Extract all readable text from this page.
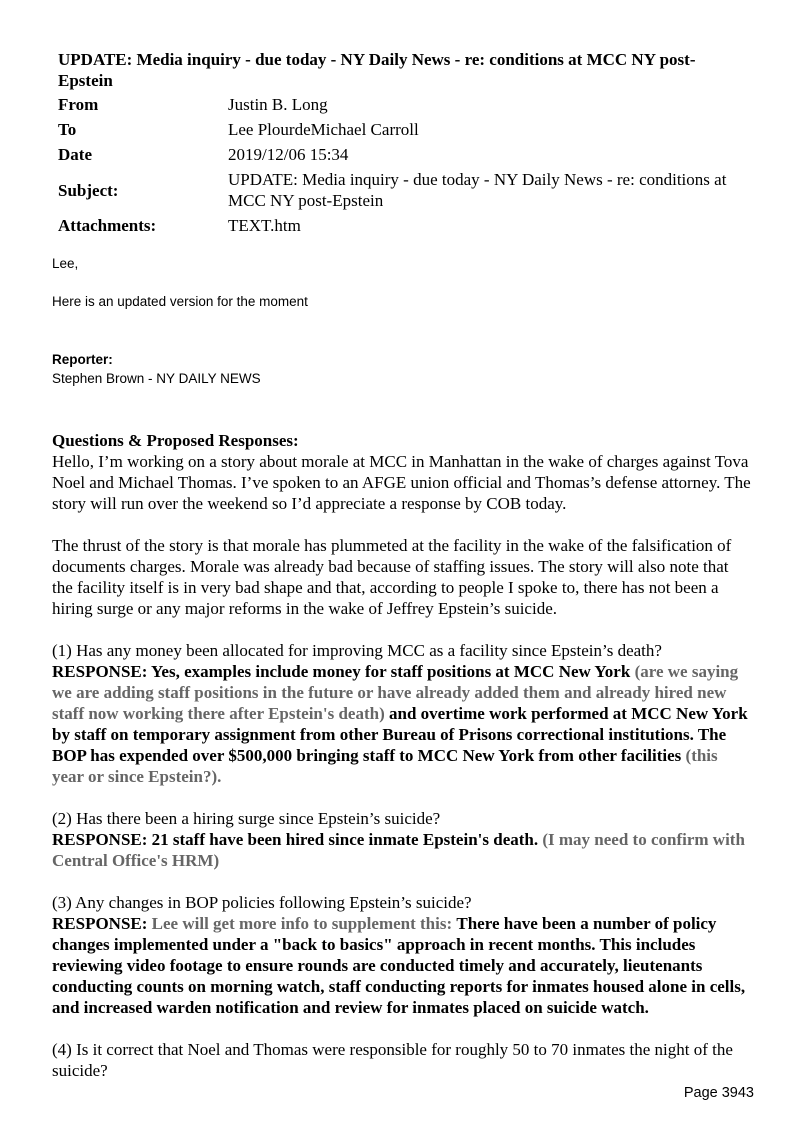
UPDATE: Media inquiry - due today - NY Daily News - re: conditions at MCC NY post-Epstein
From	Justin B. Long
To	Lee PlourdeMichael Carroll
Date	2019/12/06 15:34
Subject:	UPDATE: Media inquiry - due today - NY Daily News - re: conditions at MCC NY post-Epstein
Attachments:	TEXT.htm
Lee,
Here is an updated version for the moment
Reporter:
Stephen Brown - NY DAILY NEWS

Questions & Proposed Responses:

Hello, I’m working on a story about morale at MCC in Manhattan in the wake of charges against Tova Noel and Michael Thomas. I’ve spoken to an AFGE union official and Thomas’s defense attorney. The story will run over the weekend so I’d appreciate a response by COB today.

The thrust of the story is that morale has plummeted at the facility in the wake of the falsification of documents charges. Morale was already bad because of staffing issues. The story will also note that the facility itself is in very bad shape and that, according to people I spoke to, there has not been a hiring surge or any major reforms in the wake of Jeffrey Epstein’s suicide.

(1) Has any money been allocated for improving MCC as a facility since Epstein’s death?

RESPONSE: Yes, examples include money for staff positions at MCC New York (are we saying we are adding staff positions in the future or have already added them and already hired new staff now working there after Epstein's death) and overtime work performed at MCC New York by staff on temporary assignment from other Bureau of Prisons correctional institutions. The BOP has expended over $500,000 bringing staff to MCC New York from other facilities (this year or since Epstein?).

(2) Has there been a hiring surge since Epstein’s suicide?

RESPONSE: 21 staff have been hired since inmate Epstein's death. (I may need to confirm with Central Office's HRM)

(3) Any changes in BOP policies following Epstein’s suicide?

RESPONSE: Lee will get more info to supplement this: There have been a number of policy changes implemented under a "back to basics" approach in recent months. This includes reviewing video footage to ensure rounds are conducted timely and accurately, lieutenants conducting counts on morning watch, staff conducting reports for inmates housed alone in cells, and increased warden notification and review for inmates placed on suicide watch.

(4) Is it correct that Noel and Thomas were responsible for roughly 50 to 70 inmates the night of the suicide?

Page 3943
